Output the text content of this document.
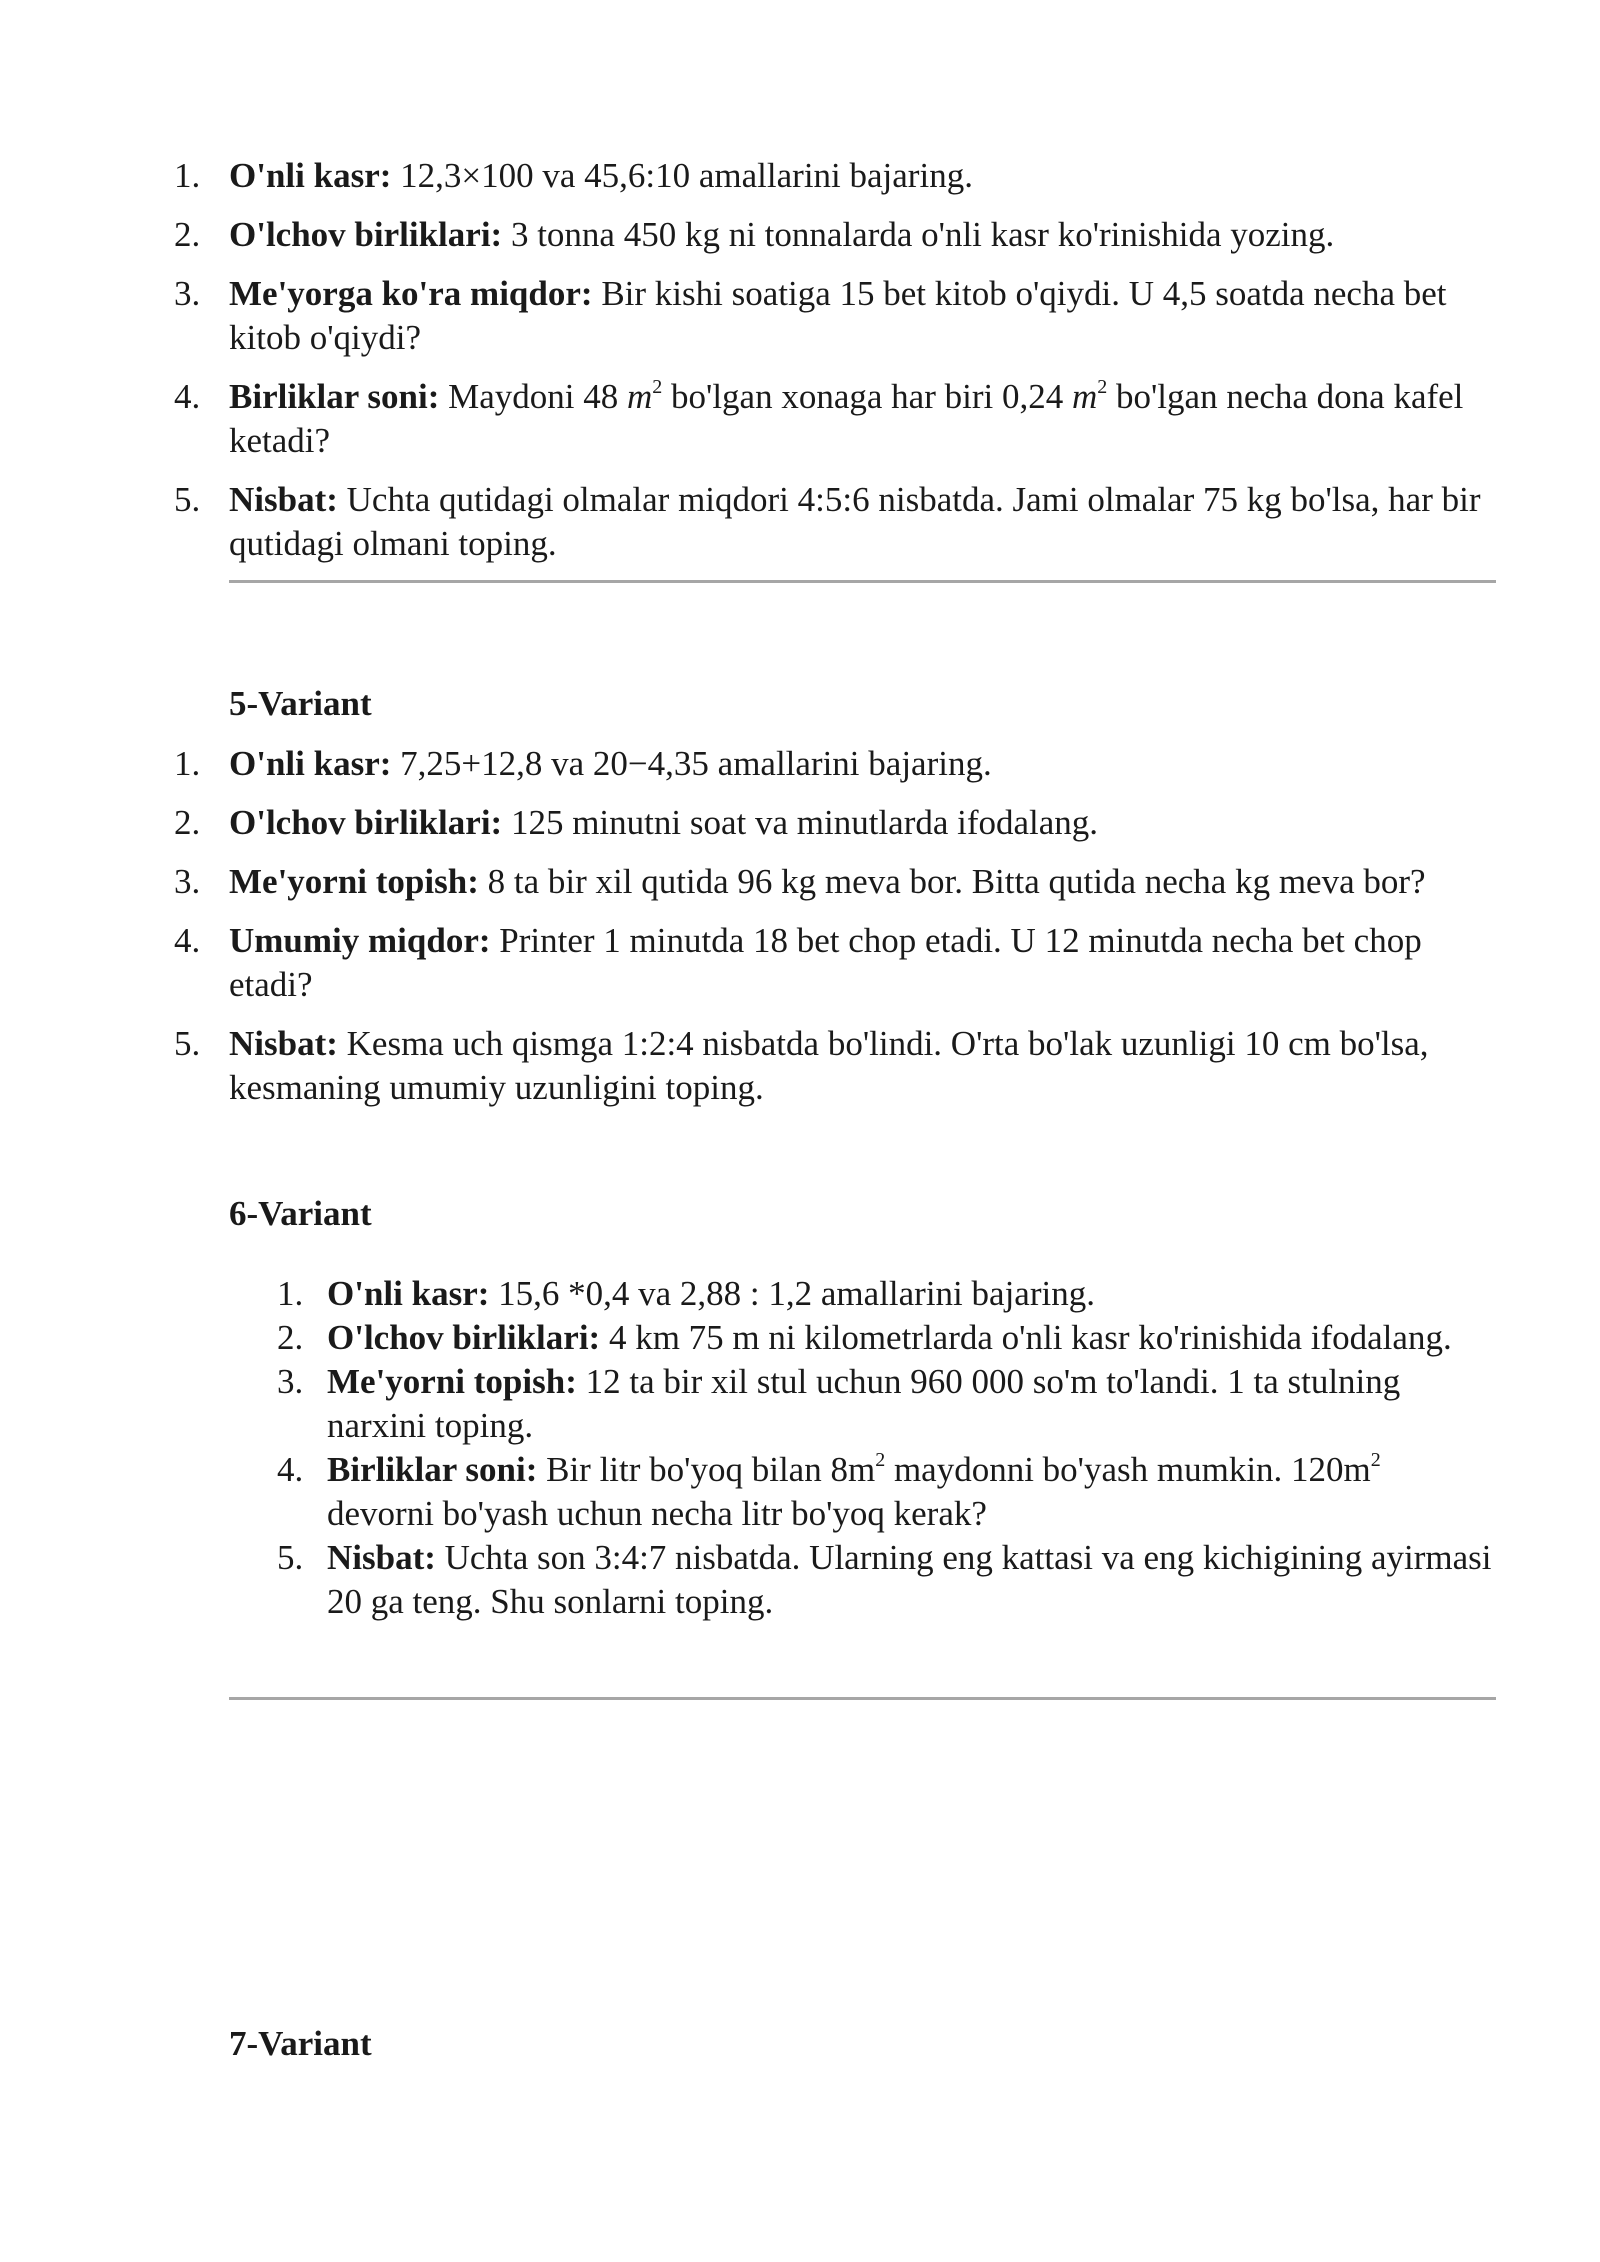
1. O'nli kasr: 12,3×100 va 45,6:10 amallarini bajaring.
2. O'lchov birliklari: 3 tonna 450 kg ni tonnalarda o'nli kasr ko'rinishida yozing.
3. Me'yorga ko'ra miqdor: Bir kishi soatiga 15 bet kitob o'qiydi. U 4,5 soatda necha bet kitob o'qiydi?
4. Birliklar soni: Maydoni 48 $m^2$ bo'lgan xonaga har biri 0,24 $m^2$ bo'lgan necha dona kafel ketadi?
5. Nisbat: Uchta qutidagi olmalar miqdori 4:5:6 nisbatda. Jami olmalar 75 kg bo'lsa, har bir qutidagi olmani toping.
5-Variant
1. O'nli kasr: 7,25+12,8 va 20−4,35 amallarini bajaring.
2. O'lchov birliklari: 125 minutni soat va minutlarda ifodalang.
3. Me'yorni topish: 8 ta bir xil qutida 96 kg meva bor. Bitta qutida necha kg meva bor?
4. Umumiy miqdor: Printer 1 minutda 18 bet chop etadi. U 12 minutda necha bet chop etadi?
5. Nisbat: Kesma uch qismga 1:2:4 nisbatda bo'lindi. O'rta bo'lak uzunligi 10 cm bo'lsa, kesmaning umumiy uzunligini toping.
6-Variant
1. O'nli kasr: 15,6 *0,4 va 2,88 : 1,2 amallarini bajaring.
2. O'lchov birliklari: 4 km 75 m ni kilometrlarda o'nli kasr ko'rinishida ifodalang.
3. Me'yorni topish: 12 ta bir xil stul uchun 960 000 so'm to'landi. 1 ta stulning narxini toping.
4. Birliklar soni: Bir litr bo'yoq bilan $8m^2$ maydonni bo'yash mumkin. $120m^2$ devorni bo'yash uchun necha litr bo'yoq kerak?
5. Nisbat: Uchta son 3:4:7 nisbatda. Ularning eng kattasi va eng kichigining ayirmasi 20 ga teng. Shu sonlarni toping.
7-Variant
